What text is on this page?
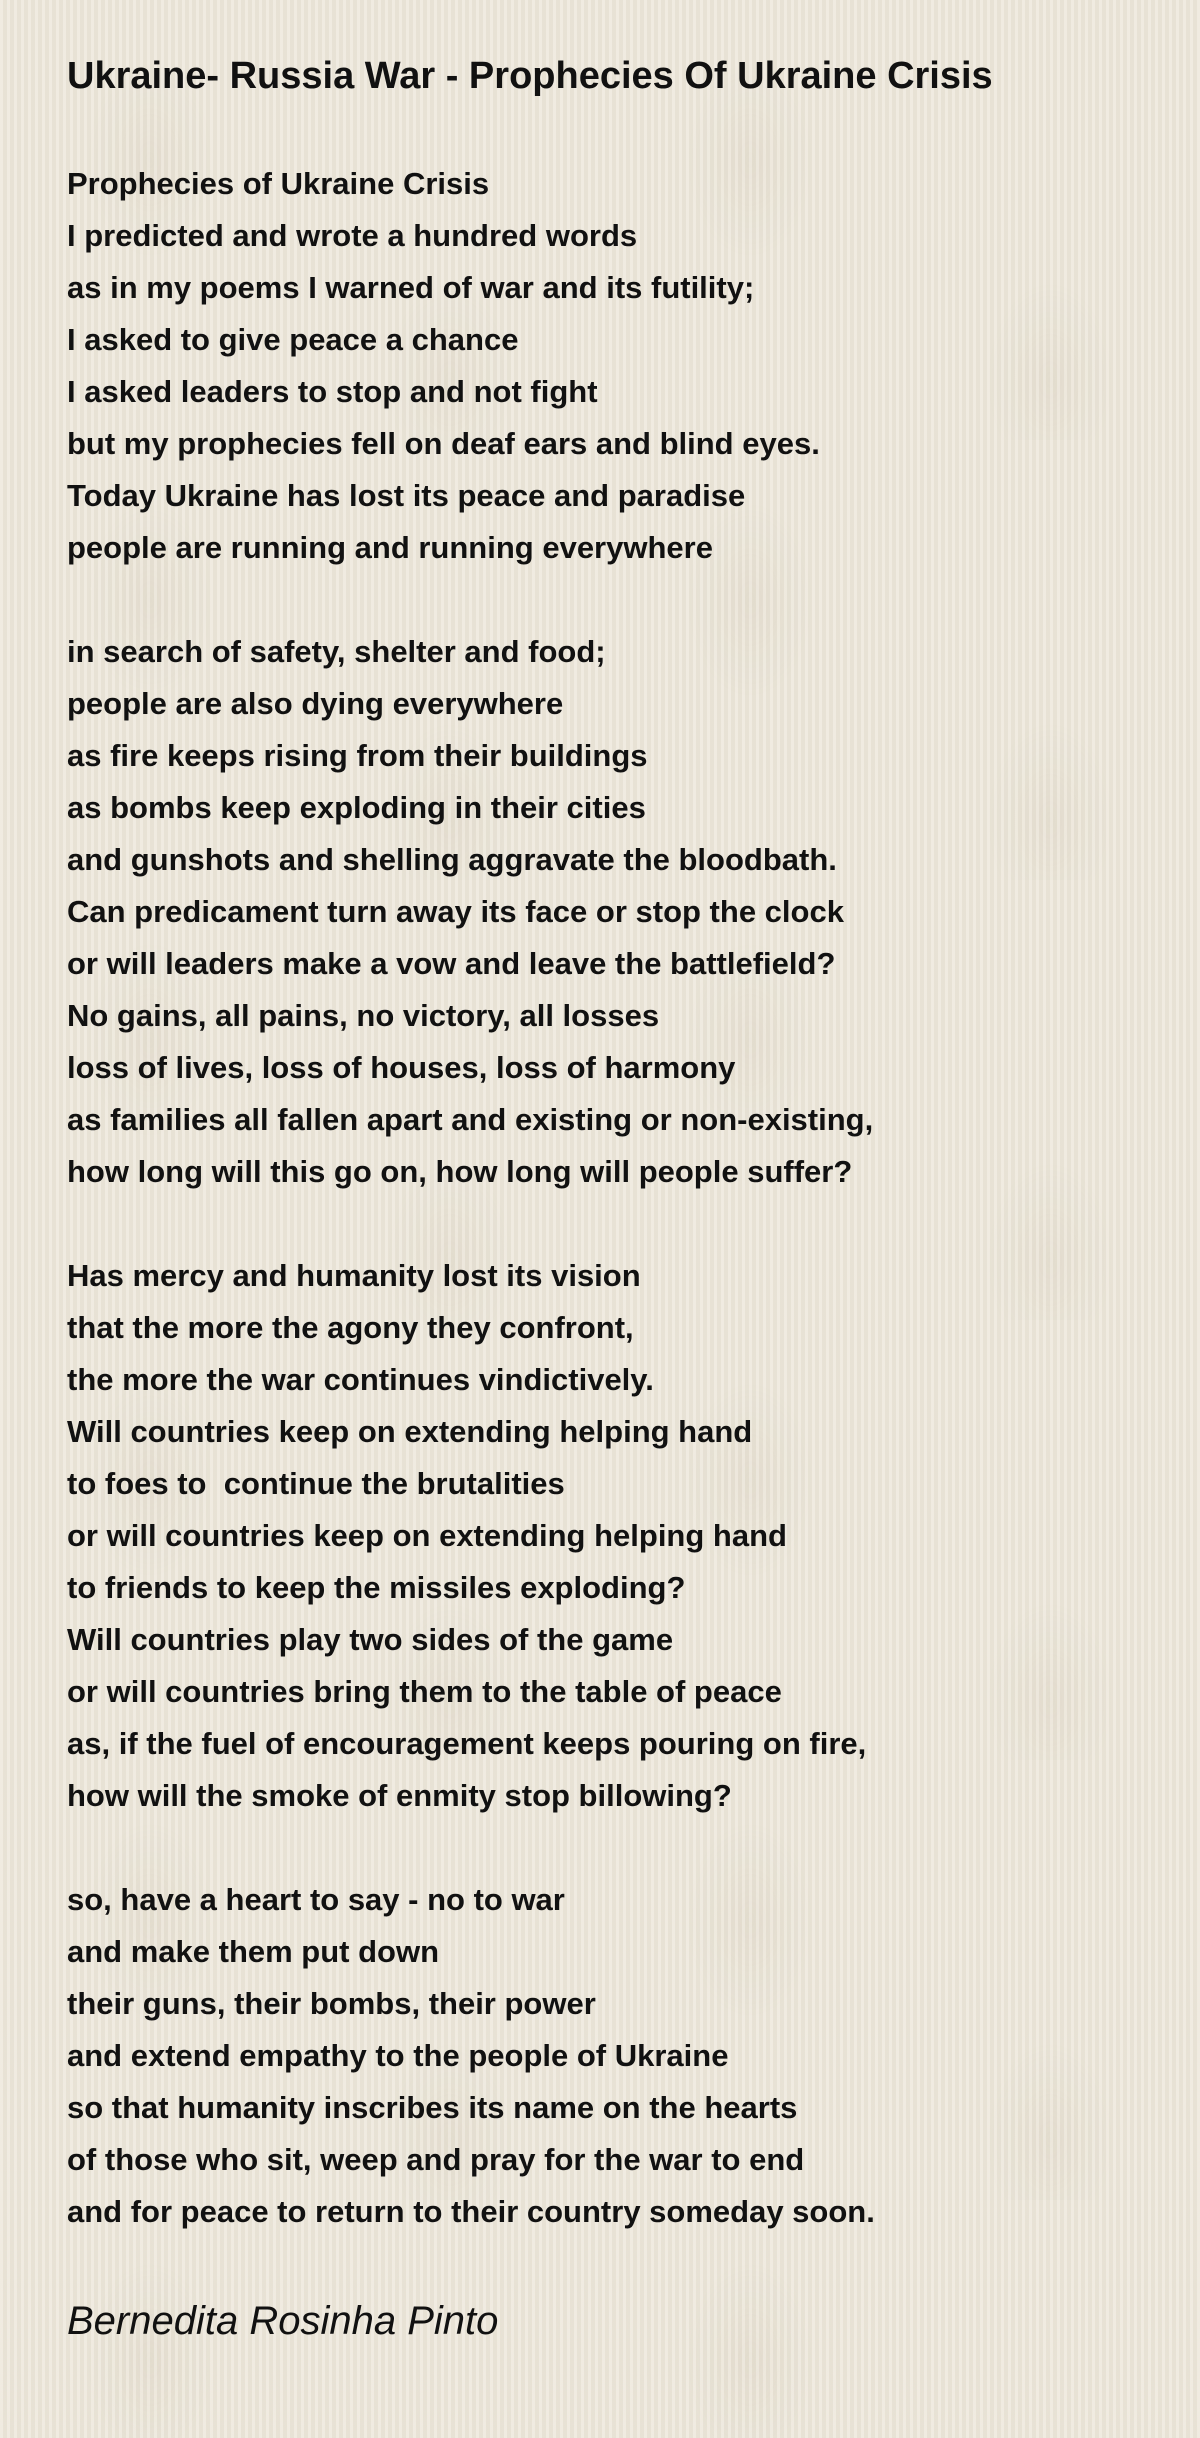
Ukraine- Russia War - Prophecies Of Ukraine Crisis
Prophecies of Ukraine Crisis
I predicted and wrote a hundred words
as in my poems I warned of war and its futility;
I asked to give peace a chance
I asked leaders to stop and not fight
but my prophecies fell on deaf ears and blind eyes.
Today Ukraine has lost its peace and paradise
people are running and running everywhere
in search of safety, shelter and food;
people are also dying everywhere
as fire keeps rising from their buildings
as bombs keep exploding in their cities
and gunshots and shelling aggravate the bloodbath.
Can predicament turn away its face or stop the clock
or will leaders make a vow and leave the battlefield?
No gains, all pains, no victory, all losses
loss of lives, loss of houses, loss of harmony
as families all fallen apart and existing or non-existing,
how long will this go on, how long will people suffer?
Has mercy and humanity lost its vision
that the more the agony they confront,
the more the war continues vindictively.
Will countries keep on extending helping hand
to foes to  continue the brutalities
or will countries keep on extending helping hand
to friends to keep the missiles exploding?
Will countries play two sides of the game
or will countries bring them to the table of peace
as, if the fuel of encouragement keeps pouring on fire,
how will the smoke of enmity stop billowing?
so, have a heart to say - no to war
and make them put down
their guns, their bombs, their power
and extend empathy to the people of Ukraine
so that humanity inscribes its name on the hearts
of those who sit, weep and pray for the war to end
and for peace to return to their country someday soon.
Bernedita Rosinha Pinto
